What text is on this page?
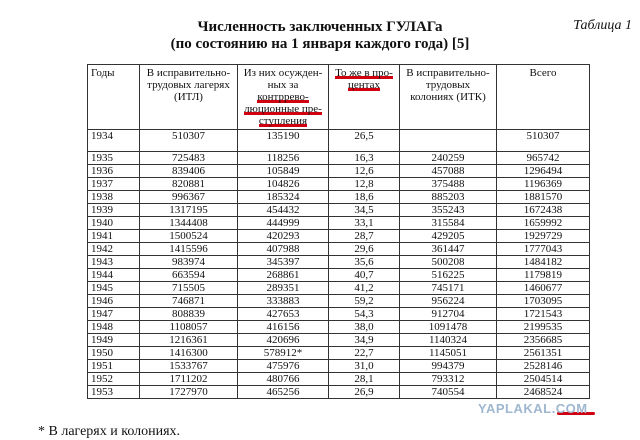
Таблица 1
Численность заключенных ГУЛАГа
(по состоянию на 1 января каждого года) [5]
Годы	В исправительно-трудовых лагерях (ИТЛ)	Из них осужден-
ных за
контррево-
люционные пре-
ступления	То же в про-
центах	В исправительно-трудовых колониях (ИТК)	Всего
1934	510307	135190	26,5		510307
1935	725483	118256	16,3	240259	965742
1936	839406	105849	12,6	457088	1296494
1937	820881	104826	12,8	375488	1196369
1938	996367	185324	18,6	885203	1881570
1939	1317195	454432	34,5	355243	1672438
1940	1344408	444999	33,1	315584	1659992
1941	1500524	420293	28,7	429205	1929729
1942	1415596	407988	29,6	361447	1777043
1943	983974	345397	35,6	500208	1484182
1944	663594	268861	40,7	516225	1179819
1945	715505	289351	41,2	745171	1460677
1946	746871	333883	59,2	956224	1703095
1947	808839	427653	54,3	912704	1721543
1948	1108057	416156	38,0	1091478	2199535
1949	1216361	420696	34,9	1140324	2356685
1950	1416300	578912*	22,7	1145051	2561351
1951	1533767	475976	31,0	994379	2528146
1952	1711202	480766	28,1	793312	2504514
1953	1727970	465256	26,9	740554	2468524
YAPLAKAL.COM
* В лагерях и колониях.
